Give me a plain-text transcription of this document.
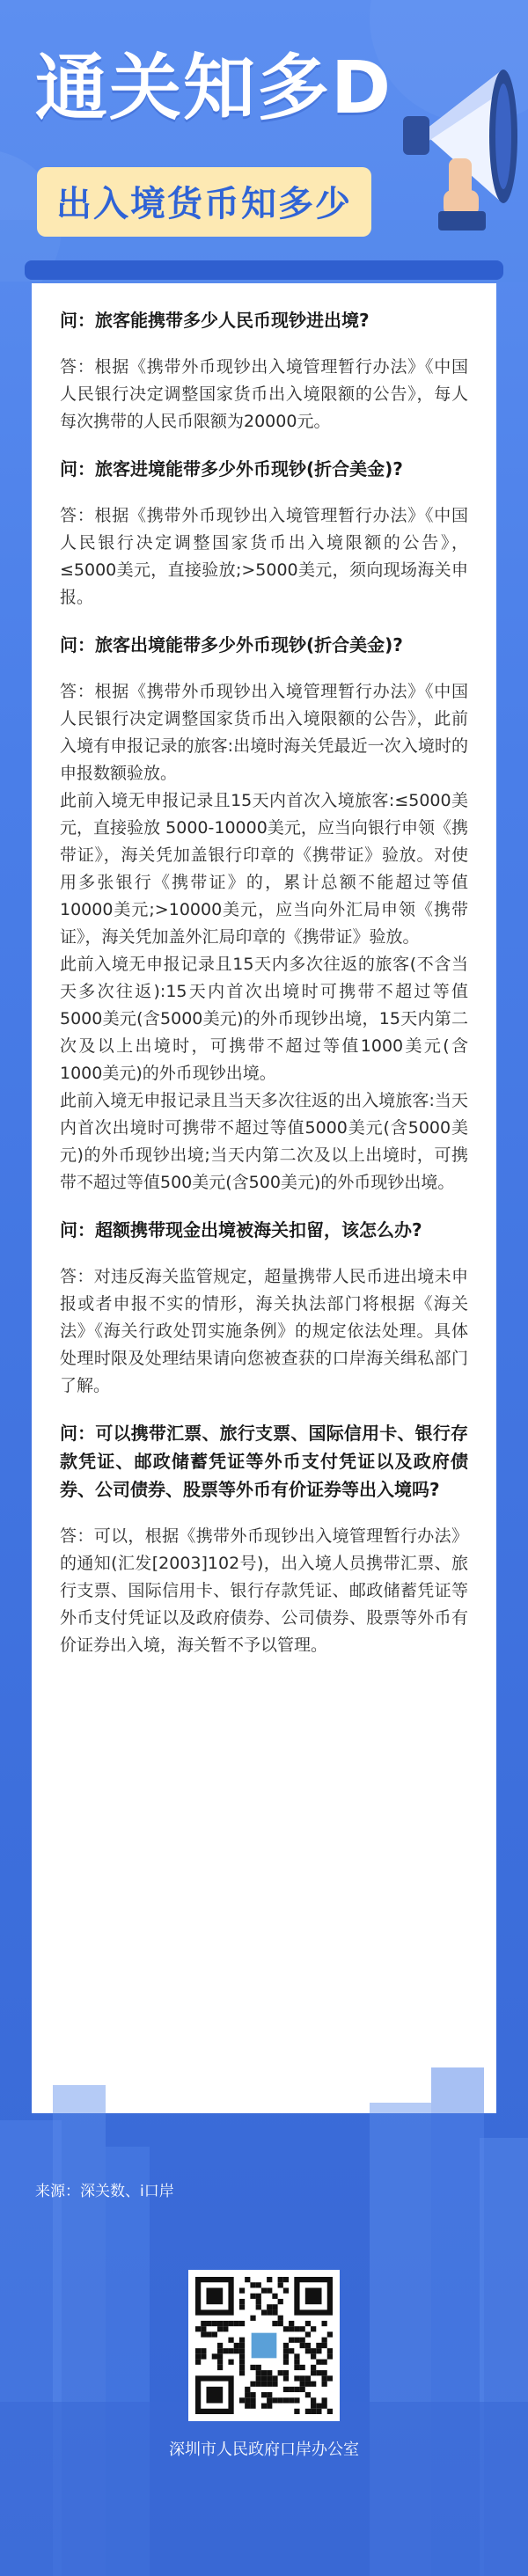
通关知多D
出入境货币知多少
问：旅客能携带多少人民币现钞进出境?

答：根据《携带外币现钞出入境管理暂行办法》《中国人民银行决定调整国家货币出入境限额的公告》，每人每次携带的人民币限额为20000元。

问：旅客进境能带多少外币现钞(折合美金)?

答：根据《携带外币现钞出入境管理暂行办法》《中国人民银行决定调整国家货币出入境限额的公告》，≤5000美元，直接验放;>5000美元，须向现场海关申报。

问：旅客出境能带多少外币现钞(折合美金)?

答：根据《携带外币现钞出入境管理暂行办法》《中国人民银行决定调整国家货币出入境限额的公告》，此前入境有申报记录的旅客:出境时海关凭最近一次入境时的申报数额验放。

此前入境无申报记录且15天内首次入境旅客:≤5000美元，直接验放 5000-10000美元，应当向银行申领《携带证》，海关凭加盖银行印章的《携带证》验放。对使用多张银行《携带证》的，累计总额不能超过等值10000美元;>10000美元，应当向外汇局申领《携带证》，海关凭加盖外汇局印章的《携带证》验放。

此前入境无申报记录且15天内多次往返的旅客(不含当天多次往返):15天内首次出境时可携带不超过等值5000美元(含5000美元)的外币现钞出境，15天内第二次及以上出境时，可携带不超过等值1000美元(含1000美元)的外币现钞出境。

此前入境无申报记录且当天多次往返的出入境旅客:当天内首次出境时可携带不超过等值5000美元(含5000美元)的外币现钞出境;当天内第二次及以上出境时，可携带不超过等值500美元(含500美元)的外币现钞出境。

问：超额携带现金出境被海关扣留，该怎么办?

答：对违反海关监管规定，超量携带人民币进出境未申报或者申报不实的情形，海关执法部门将根据《海关法》《海关行政处罚实施条例》的规定依法处理。具体处理时限及处理结果请向您被查获的口岸海关缉私部门了解。

问：可以携带汇票、旅行支票、国际信用卡、银行存款凭证、邮政储蓄凭证等外币支付凭证以及政府债券、公司债券、股票等外币有价证券等出入境吗?

答：可以，根据《携带外币现钞出入境管理暂行办法》的通知(汇发[2003]102号)，出入境人员携带汇票、旅行支票、国际信用卡、银行存款凭证、邮政储蓄凭证等外币支付凭证以及政府债券、公司债券、股票等外币有价证券出入境，海关暂不予以管理。

来源：深关数、i口岸
深圳市人民政府口岸办公室
